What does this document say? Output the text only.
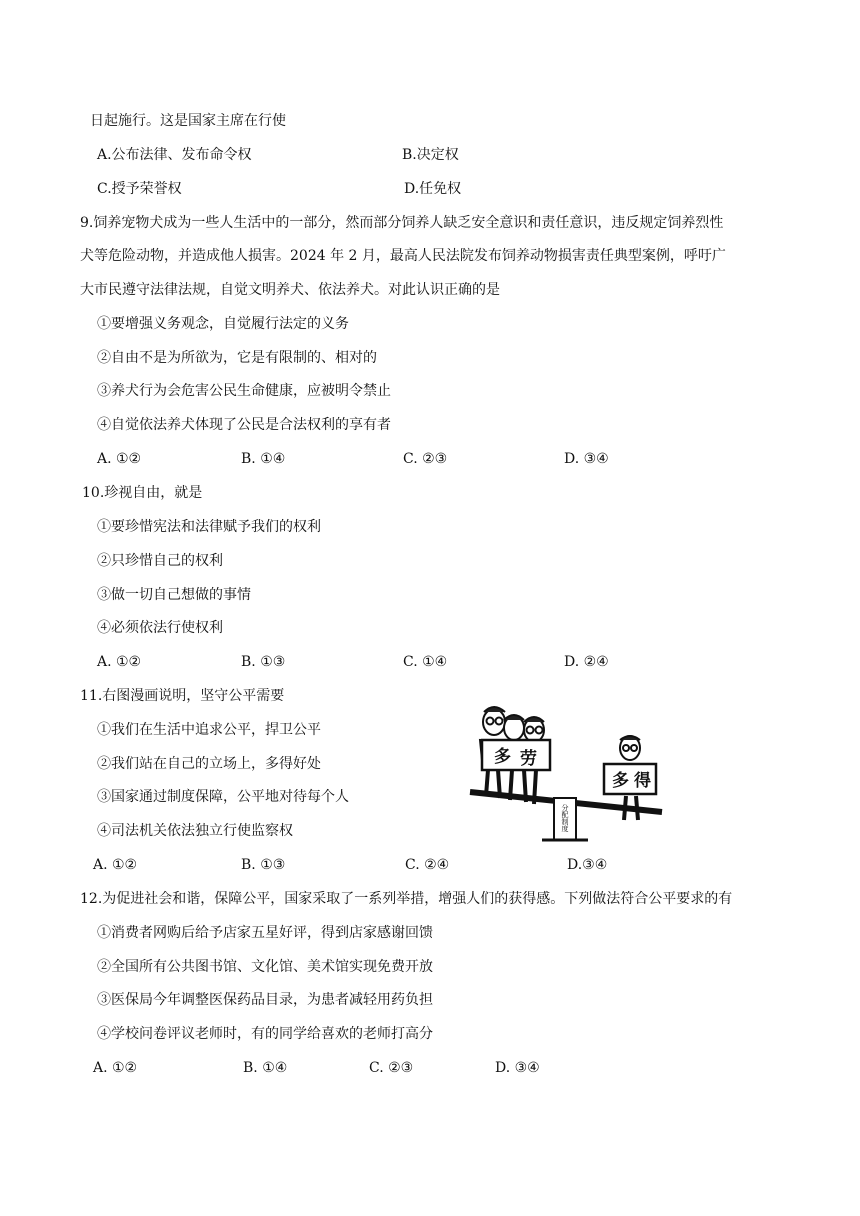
日起施行。这是国家主席在行使
A.公布法律、发布命令权	B.决定权
C.授予荣誉权	D.任免权
9.饲养宠物犬成为一些人生活中的一部分，然而部分饲养人缺乏安全意识和责任意识，违反规定饲养烈性
犬等危险动物，并造成他人损害。2024 年 2 月，最高人民法院发布饲养动物损害责任典型案例，呼吁广
大市民遵守法律法规，自觉文明养犬、依法养犬。对此认识正确的是
①要增强义务观念，自觉履行法定的义务
②自由不是为所欲为，它是有限制的、相对的
③养犬行为会危害公民生命健康，应被明令禁止
④自觉依法养犬体现了公民是合法权利的享有者
A. ①②	B. ①④	C. ②③	D. ③④
10.珍视自由，就是
①要珍惜宪法和法律赋予我们的权利
②只珍惜自己的权利
③做一切自己想做的事情
④必须依法行使权利
A. ①②	B. ①③	C. ①④	D. ②④
11.右图漫画说明，坚守公平需要
①我们在生活中追求公平，捍卫公平
②我们站在自己的立场上，多得好处
③国家通过制度保障，公平地对待每个人
④司法机关依法独立行使监察权
A. ①②	B. ①③	C. ②④	D.③④
多 劳
多 得
分配制度
12.为促进社会和谐，保障公平，国家采取了一系列举措，增强人们的获得感。下列做法符合公平要求的有
①消费者网购后给予店家五星好评，得到店家感谢回馈
②全国所有公共图书馆、文化馆、美术馆实现免费开放
③医保局今年调整医保药品目录，为患者减轻用药负担
④学校问卷评议老师时，有的同学给喜欢的老师打高分
A. ①②	B. ①④	C. ②③	D. ③④
